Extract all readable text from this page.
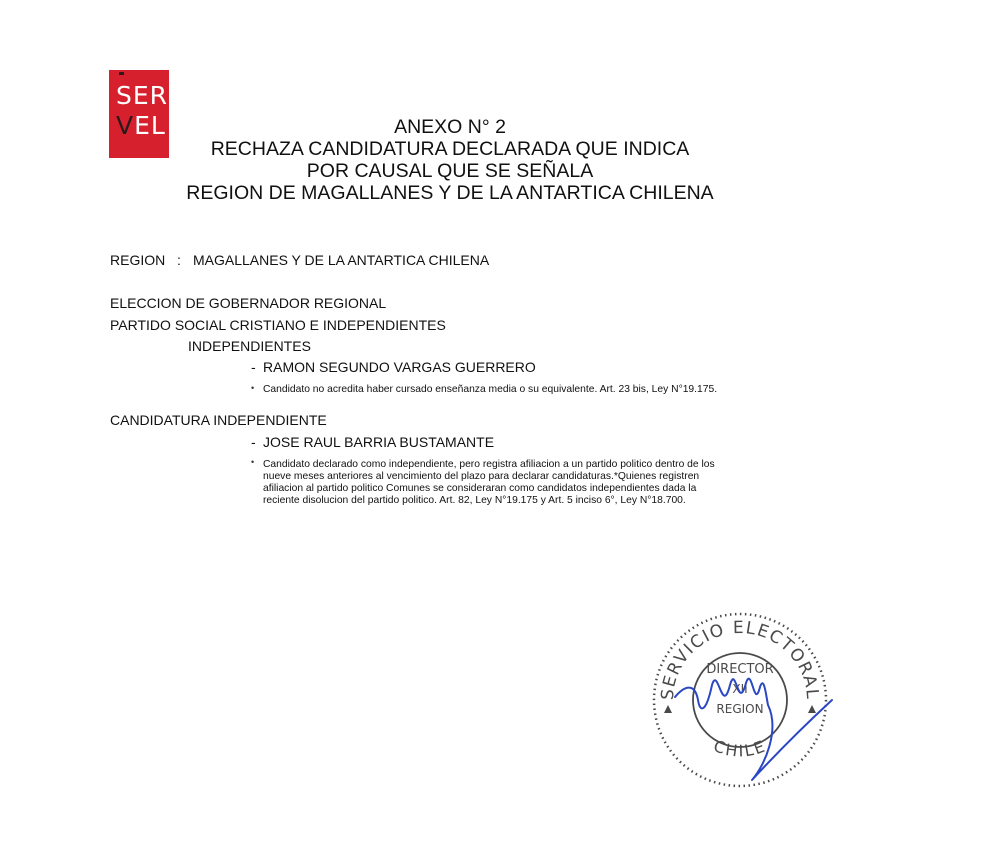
SER
VEL	ANEXO N° 2
RECHAZA CANDIDATURA DECLARADA QUE INDICA
POR CAUSAL QUE SE SEÑALA
REGION DE MAGALLANES Y DE LA ANTARTICA CHILENA
REGION : MAGALLANES Y DE LA ANTARTICA CHILENA
ELECCION DE GOBERNADOR REGIONAL
PARTIDO SOCIAL CRISTIANO E INDEPENDIENTES
INDEPENDIENTES
- RAMON SEGUNDO VARGAS GUERRERO
• Candidato no acredita haber cursado enseñanza media o su equivalente. Art. 23 bis, Ley N°19.175.
CANDIDATURA INDEPENDIENTE
- JOSE RAUL BARRIA BUSTAMANTE
• Candidato declarado como independiente, pero registra afiliacion a un partido politico dentro de los
nueve meses anteriores al vencimiento del plazo para declarar candidaturas.*Quienes registren
afiliacion al partido politico Comunes se consideraran como candidatos independientes dada la
reciente disolucion del partido politico. Art. 82, Ley N°19.175 y Art. 5 inciso 6°, Ley N°18.700.
SERVICIO ELECTORAL
CHILE
DIRECTOR
XII
REGION
